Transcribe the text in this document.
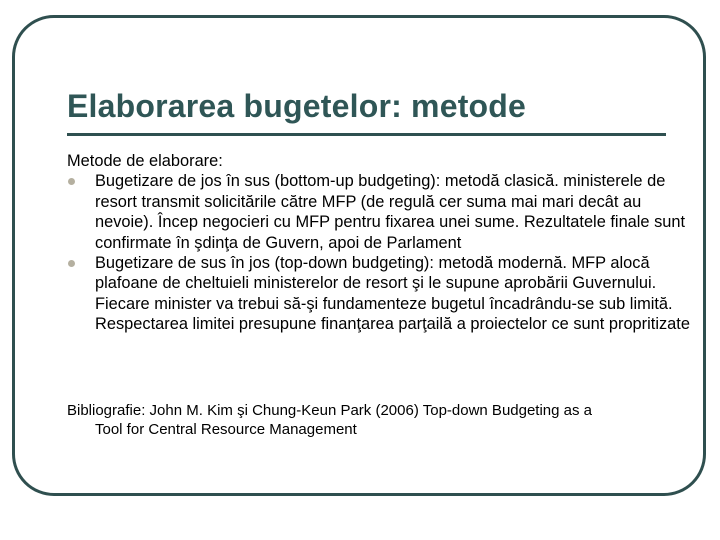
Elaborarea bugetelor: metode

Metode de elaborare:

Bugetizare de jos în sus (bottom-up budgeting): metodă clasică. ministerele de resort transmit solicitările către MFP (de regulă cer suma mai mari decât au nevoie). Încep negocieri cu MFP pentru fixarea unei sume. Rezultatele finale sunt confirmate în şdinţa de Guvern, apoi de Parlament
Bugetizare de sus în jos (top-down budgeting): metodă modernă. MFP alocă plafoane de cheltuieli ministerelor de resort şi le supune aprobării Guvernului. Fiecare minister va trebui să-şi fundamenteze bugetul încadrându-se sub limită. Respectarea limitei presupune finanţarea parţailă a proiectelor ce sunt propritizate
Bibliografie: John M. Kim şi Chung-Keun Park (2006) Top-down Budgeting as a
Tool for Central Resource Management
